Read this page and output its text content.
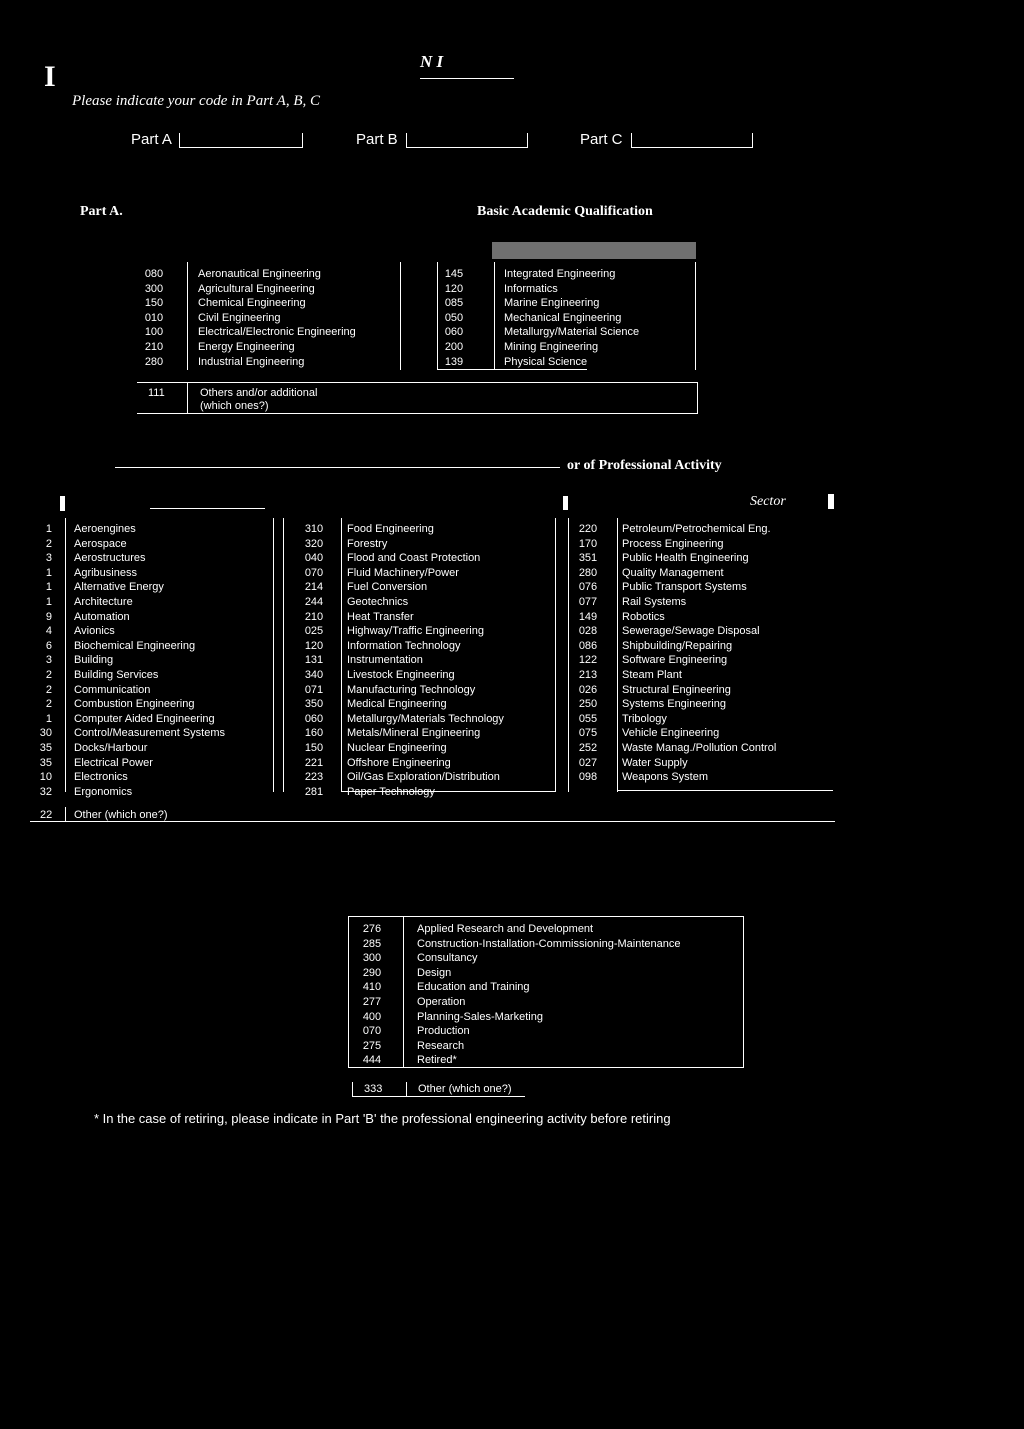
I	N I
Please indicate your code in Part A, B, C
Part A	Part B	Part C
Part A.	Basic Academic Qualification
080	Aeronautical Engineering
300	Agricultural Engineering
150	Chemical Engineering
010	Civil Engineering
100	Electrical/Electronic Engineering
210	Energy Engineering
280	Industrial Engineering
145	Integrated Engineering
120	Informatics
085	Marine Engineering
050	Mechanical Engineering
060	Metallurgy/Material Science
200	Mining Engineering
139	Physical Science
111	Others and/or additional
(which ones?)
or of Professional Activity
Sector
1 Aeroengines
2 Aerospace
3 Aerostructures
1 Agribusiness
1 Alternative Energy
1 Architecture
9 Automation
4 Avionics
6 Biochemical Engineering
3 Building
2 Building Services
2 Communication
2 Combustion Engineering
1 Computer Aided Engineering
30 Control/Measurement Systems
35 Docks/Harbour
35 Electrical Power
10 Electronics
32 Ergonomics
310	Food Engineering
320	Forestry
040	Flood and Coast Protection
070	Fluid Machinery/Power
214	Fuel Conversion
244	Geotechnics
210	Heat Transfer
025	Highway/Traffic Engineering
120	Information Technology
131	Instrumentation
340	Livestock Engineering
071	Manufacturing Technology
350	Medical Engineering
060	Metallurgy/Materials Technology
160	Metals/Mineral Engineering
150	Nuclear Engineering
221	Offshore Engineering
223	Oil/Gas Exploration/Distribution
281	Paper Technology
220 Petroleum/Petrochemical Eng.
170 Process Engineering
351 Public Health Engineering
280 Quality Management
076 Public Transport Systems
077 Rail Systems
149 Robotics
028 Sewerage/Sewage Disposal
086 Shipbuilding/Repairing
122 Software Engineering
213 Steam Plant
026 Structural Engineering
250 Systems Engineering
055 Tribology
075 Vehicle Engineering
252 Waste Manag./Pollution Control
027 Water Supply
098 Weapons System
22 Other (which one?)
276	Applied Research and Development
285	Construction-Installation-Commissioning-Maintenance
300	Consultancy
290	Design
410	Education and Training
277	Operation
400	Planning-Sales-Marketing
070	Production
275	Research
444	Retired*
333	Other (which one?)
* In the case of retiring, please indicate in Part 'B' the professional engineering activity before retiring
